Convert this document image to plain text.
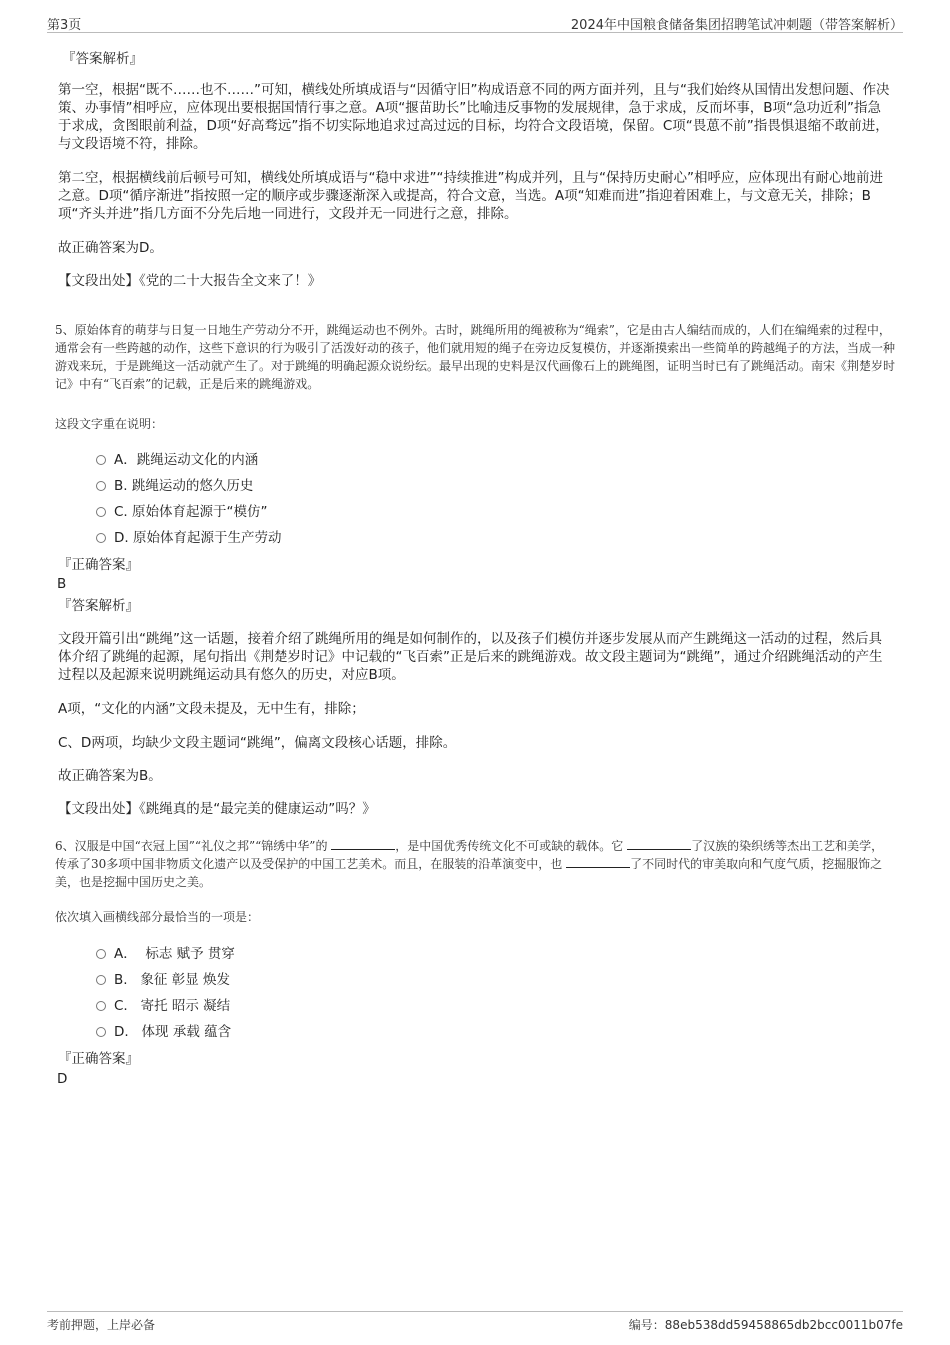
第3页	2024年中国粮食储备集团招聘笔试冲刺题（带答案解析）
『答案解析』
第一空，根据“既不……也不……”可知，横线处所填成语与“因循守旧”构成语意不同的两方面并列，且与“我们始终从国情出发想问题、作决策、办事情”相呼应，应体现出要根据国情行事之意。A项“揠苗助长”比喻违反事物的发展规律，急于求成，反而坏事，B项“急功近利”指急于求成，贪图眼前利益，D项“好高骛远”指不切实际地追求过高过远的目标，均符合文段语境，保留。C项“畏葸不前”指畏惧退缩不敢前进，与文段语境不符，排除。
第二空，根据横线前后顿号可知，横线处所填成语与“稳中求进”“持续推进”构成并列，且与“保持历史耐心”相呼应，应体现出有耐心地前进之意。D项“循序渐进”指按照一定的顺序或步骤逐渐深入或提高，符合文意，当选。A项“知难而进”指迎着困难上，与文意无关，排除；B项“齐头并进”指几方面不分先后地一同进行，文段并无一同进行之意，排除。
故正确答案为D。
【文段出处】《党的二十大报告全文来了！》
5、原始体育的萌芽与日复一日地生产劳动分不开，跳绳运动也不例外。古时，跳绳所用的绳被称为“绳索”，它是由古人编结而成的，人们在编绳索的过程中，通常会有一些跨越的动作，这些下意识的行为吸引了活泼好动的孩子，他们就用短的绳子在旁边反复模仿，并逐渐摸索出一些简单的跨越绳子的方法，当成一种游戏来玩，于是跳绳这一活动就产生了。对于跳绳的明确起源众说纷纭。最早出现的史料是汉代画像石上的跳绳图，证明当时已有了跳绳活动。南宋《荆楚岁时记》中有“飞百索”的记载，正是后来的跳绳游戏。
这段文字重在说明：
A．跳绳运动文化的内涵
B. 跳绳运动的悠久历史
C. 原始体育起源于“模仿”
D. 原始体育起源于生产劳动
『正确答案』
B
『答案解析』
文段开篇引出“跳绳”这一话题，接着介绍了跳绳所用的绳是如何制作的，以及孩子们模仿并逐步发展从而产生跳绳这一活动的过程，然后具体介绍了跳绳的起源，尾句指出《荆楚岁时记》中记载的“飞百索”正是后来的跳绳游戏。故文段主题词为“跳绳”，通过介绍跳绳活动的产生过程以及起源来说明跳绳运动具有悠久的历史，对应B项。
A项，“文化的内涵”文段未提及，无中生有，排除；
C、D两项，均缺少文段主题词“跳绳”，偏离文段核心话题，排除。
故正确答案为B。
【文段出处】《跳绳真的是“最完美的健康运动”吗？》
6、汉服是中国“衣冠上国”“礼仪之邦”“锦绣中华”的	，是中国优秀传统文化不可或缺的载体。它	了汉族的染织绣等杰出工艺和美学，传承了30多项中国非物质文化遗产以及受保护的中国工艺美术。而且，在服装的沿革演变中，也	了不同时代的审美取向和气度气质，挖掘服饰之美，也是挖掘中国历史之美。
依次填入画横线部分最恰当的一项是：
A．  标志 赋予 贯穿
B.   象征 彰显 焕发
C.   寄托 昭示 凝结
D.   体现 承载 蕴含
『正确答案』
D
考前押题，上岸必备	编号：88eb538dd59458865db2bcc0011b07fe
